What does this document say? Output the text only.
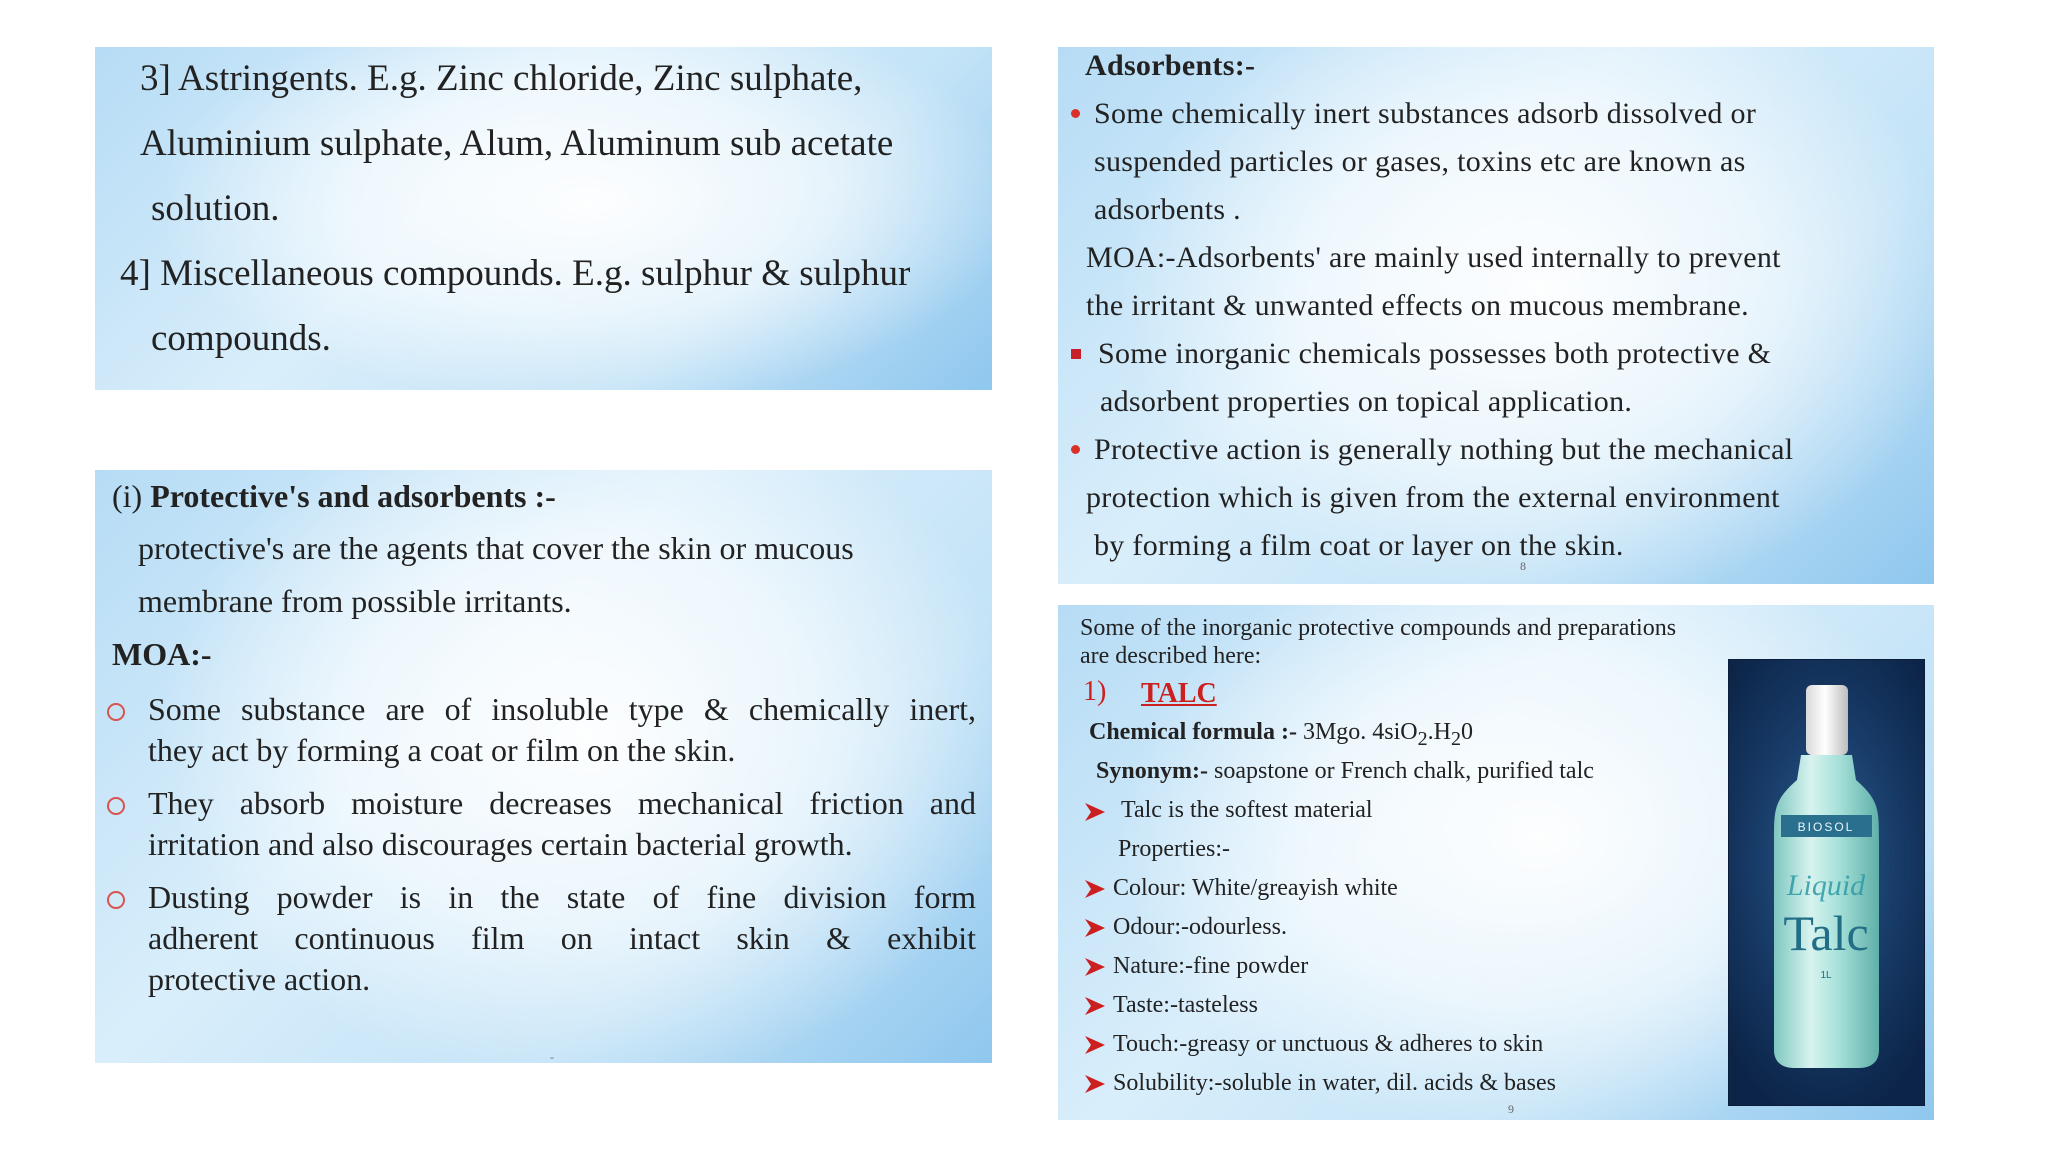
3] Astringents. E.g. Zinc chloride, Zinc sulphate,
Aluminium sulphate, Alum, Aluminum sub acetate
solution.
4] Miscellaneous compounds. E.g. sulphur & sulphur
compounds.
(i) Protective's and adsorbents :-
protective's are the agents that cover the skin or mucous
membrane from possible irritants.
MOA:-
Some substance are of insoluble type & chemically inert,
they act by forming a coat or film on the skin.
They absorb moisture decreases mechanical friction and
irritation and also discourages certain bacterial growth.
Dusting powder is in the state of fine division form
adherent continuous film on intact skin & exhibit
protective action.
-
Adsorbents:-
Some chemically inert substances adsorb dissolved or
suspended particles or gases, toxins etc are known as
adsorbents .
MOA:-Adsorbents' are mainly used internally to prevent
the irritant & unwanted effects on mucous membrane.
Some inorganic chemicals possesses both protective &
adsorbent properties on topical application.
Protective action is generally nothing but the mechanical
protection which is given from the external environment
by forming a film coat or layer on the skin.
8
Some of the inorganic protective compounds and preparations
are described here:
1) TALC
Chemical formula :- 3Mgo. $4siO_2.H_20$
Synonym:- soapstone or French chalk, purified talc
Talc is the softest material
Properties:-
Colour: White/greayish white
Odour:-odourless.
Nature:-fine powder
Taste:-tasteless
Touch:-greasy or unctuous & adheres to skin
Solubility:-soluble in water, dil. acids & bases
9
BIOSOL
Liquid
Talc
1L
